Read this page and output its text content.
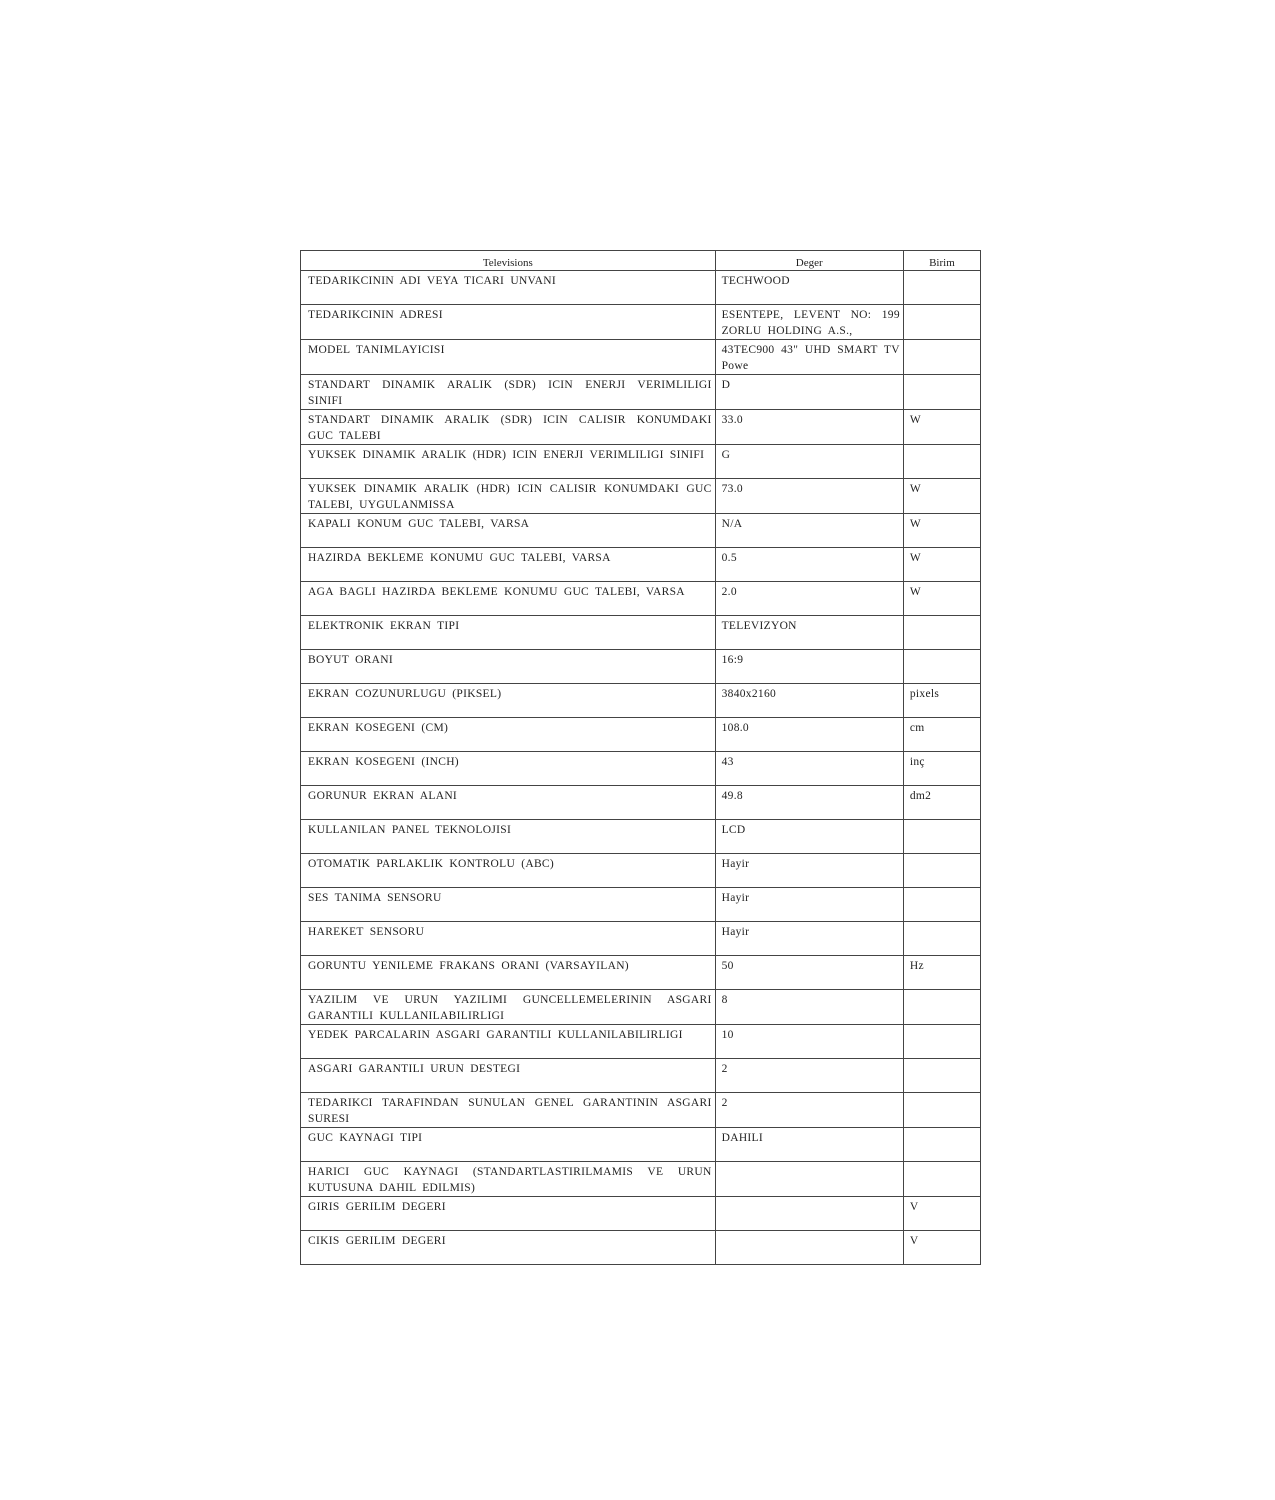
Televisions	Deger	Birim

TEDARIKCININ ADI VEYA TICARI UNVANI	TECHWOOD	

TEDARIKCININ ADRESI	ESENTEPE, LEVENT NO: 199 ZORLU HOLDING A.S.,	

MODEL TANIMLAYICISI	43TEC900 43" UHD SMART TV Powe	

STANDART DINAMIK ARALIK (SDR) ICIN ENERJI VERIMLILIGI SINIFI	D	

STANDART DINAMIK ARALIK (SDR) ICIN CALISIR KONUMDAKI GUC TALEBI	33.0	W

YUKSEK DINAMIK ARALIK (HDR) ICIN ENERJI VERIMLILIGI SINIFI	G	

YUKSEK DINAMIK ARALIK (HDR) ICIN CALISIR KONUMDAKI GUC TALEBI, UYGULANMISSA	73.0	W

KAPALI KONUM GUC TALEBI, VARSA	N/A	W

HAZIRDA BEKLEME KONUMU GUC TALEBI, VARSA	0.5	W

AGA BAGLI HAZIRDA BEKLEME KONUMU GUC TALEBI, VARSA	2.0	W

ELEKTRONIK EKRAN TIPI	TELEVIZYON	

BOYUT ORANI	16:9	

EKRAN COZUNURLUGU (PIKSEL)	3840x2160	pixels

EKRAN KOSEGENI (CM)	108.0	cm

EKRAN KOSEGENI (INCH)	43	inç

GORUNUR EKRAN ALANI	49.8	dm2

KULLANILAN PANEL TEKNOLOJISI	LCD	

OTOMATIK PARLAKLIK KONTROLU (ABC)	Hayir	

SES TANIMA SENSORU	Hayir	

HAREKET SENSORU	Hayir	

GORUNTU YENILEME FRAKANS ORANI (VARSAYILAN)	50	Hz

YAZILIM VE URUN YAZILIMI GUNCELLEMELERININ ASGARI GARANTILI KULLANILABILIRLIGI	8	

YEDEK PARCALARIN ASGARI GARANTILI KULLANILABILIRLIGI	10	

ASGARI GARANTILI URUN DESTEGI	2	

TEDARIKCI TARAFINDAN SUNULAN GENEL GARANTININ ASGARI SURESI	2	

GUC KAYNAGI TIPI	DAHILI	

HARICI GUC KAYNAGI (STANDARTLASTIRILMAMIS VE URUN KUTUSUNA DAHIL EDILMIS)		

GIRIS GERILIM DEGERI		V

CIKIS GERILIM DEGERI		V
